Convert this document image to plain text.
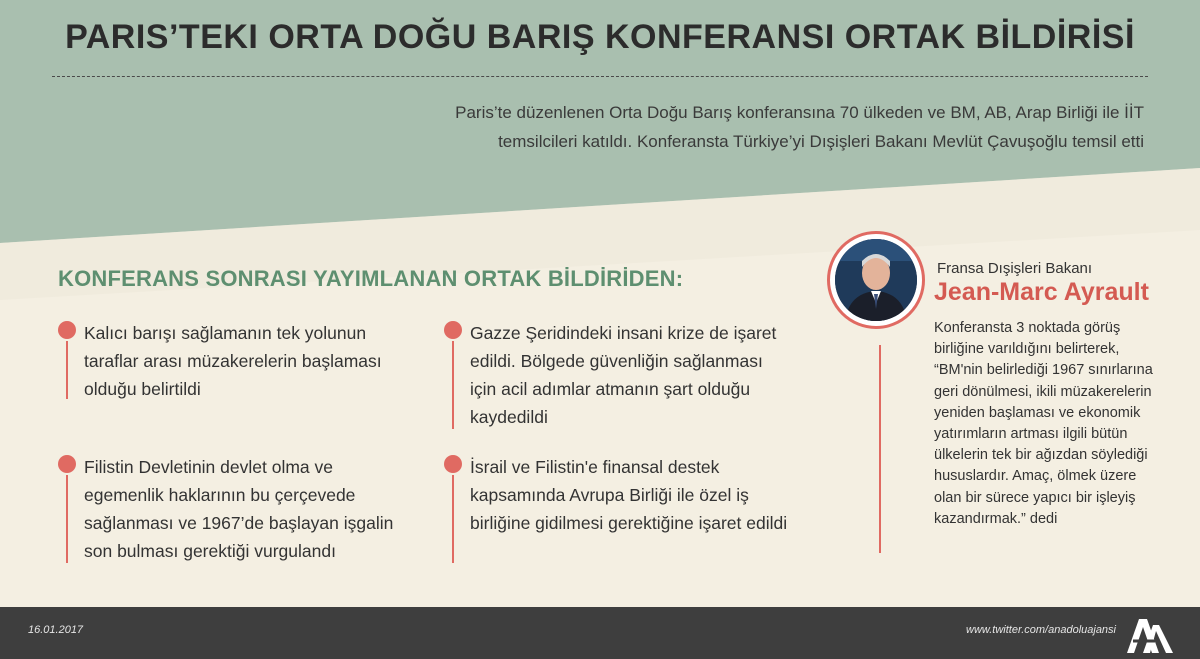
PARIS’TEKI ORTA DOĞU BARIŞ KONFERANSI ORTAK BİLDİRİSİ
Paris’te düzenlenen Orta Doğu Barış konferansına 70 ülkeden ve BM, AB, Arap Birliği ile İİT temsilcileri katıldı. Konferansta Türkiye’yi Dışişleri Bakanı Mevlüt Çavuşoğlu temsil etti
KONFERANS SONRASI YAYIMLANAN ORTAK BİLDİRİDEN:
Kalıcı barışı sağlamanın tek yolunun taraflar arası müzakerelerin başlaması olduğu belirtildi
Gazze Şeridindeki insani krize de işaret edildi. Bölgede güvenliğin sağlanması için acil adımlar atmanın şart olduğu kaydedildi
Filistin Devletinin devlet olma ve egemenlik haklarının bu çerçevede sağlanması ve 1967’de başlayan işgalin son bulması gerektiği vurgulandı
İsrail ve Filistin'e finansal destek kapsamında Avrupa Birliği ile özel iş birliğine gidilmesi gerektiğine işaret edildi
Fransa Dışişleri Bakanı
Jean-Marc Ayrault
Konferansta 3 noktada görüş birliğine varıldığını belirterek, “BM'nin belirlediği 1967 sınırlarına geri dönülmesi, ikili müzakerelerin yeniden başlaması ve ekonomik yatırımların artması ilgili bütün ülkelerin tek bir ağızdan söylediği hususlardır. Amaç, ölmek üzere olan bir sürece yapıcı bir işleyiş kazandırmak.” dedi
16.01.2017	www.twitter.com/anadoluajansi
